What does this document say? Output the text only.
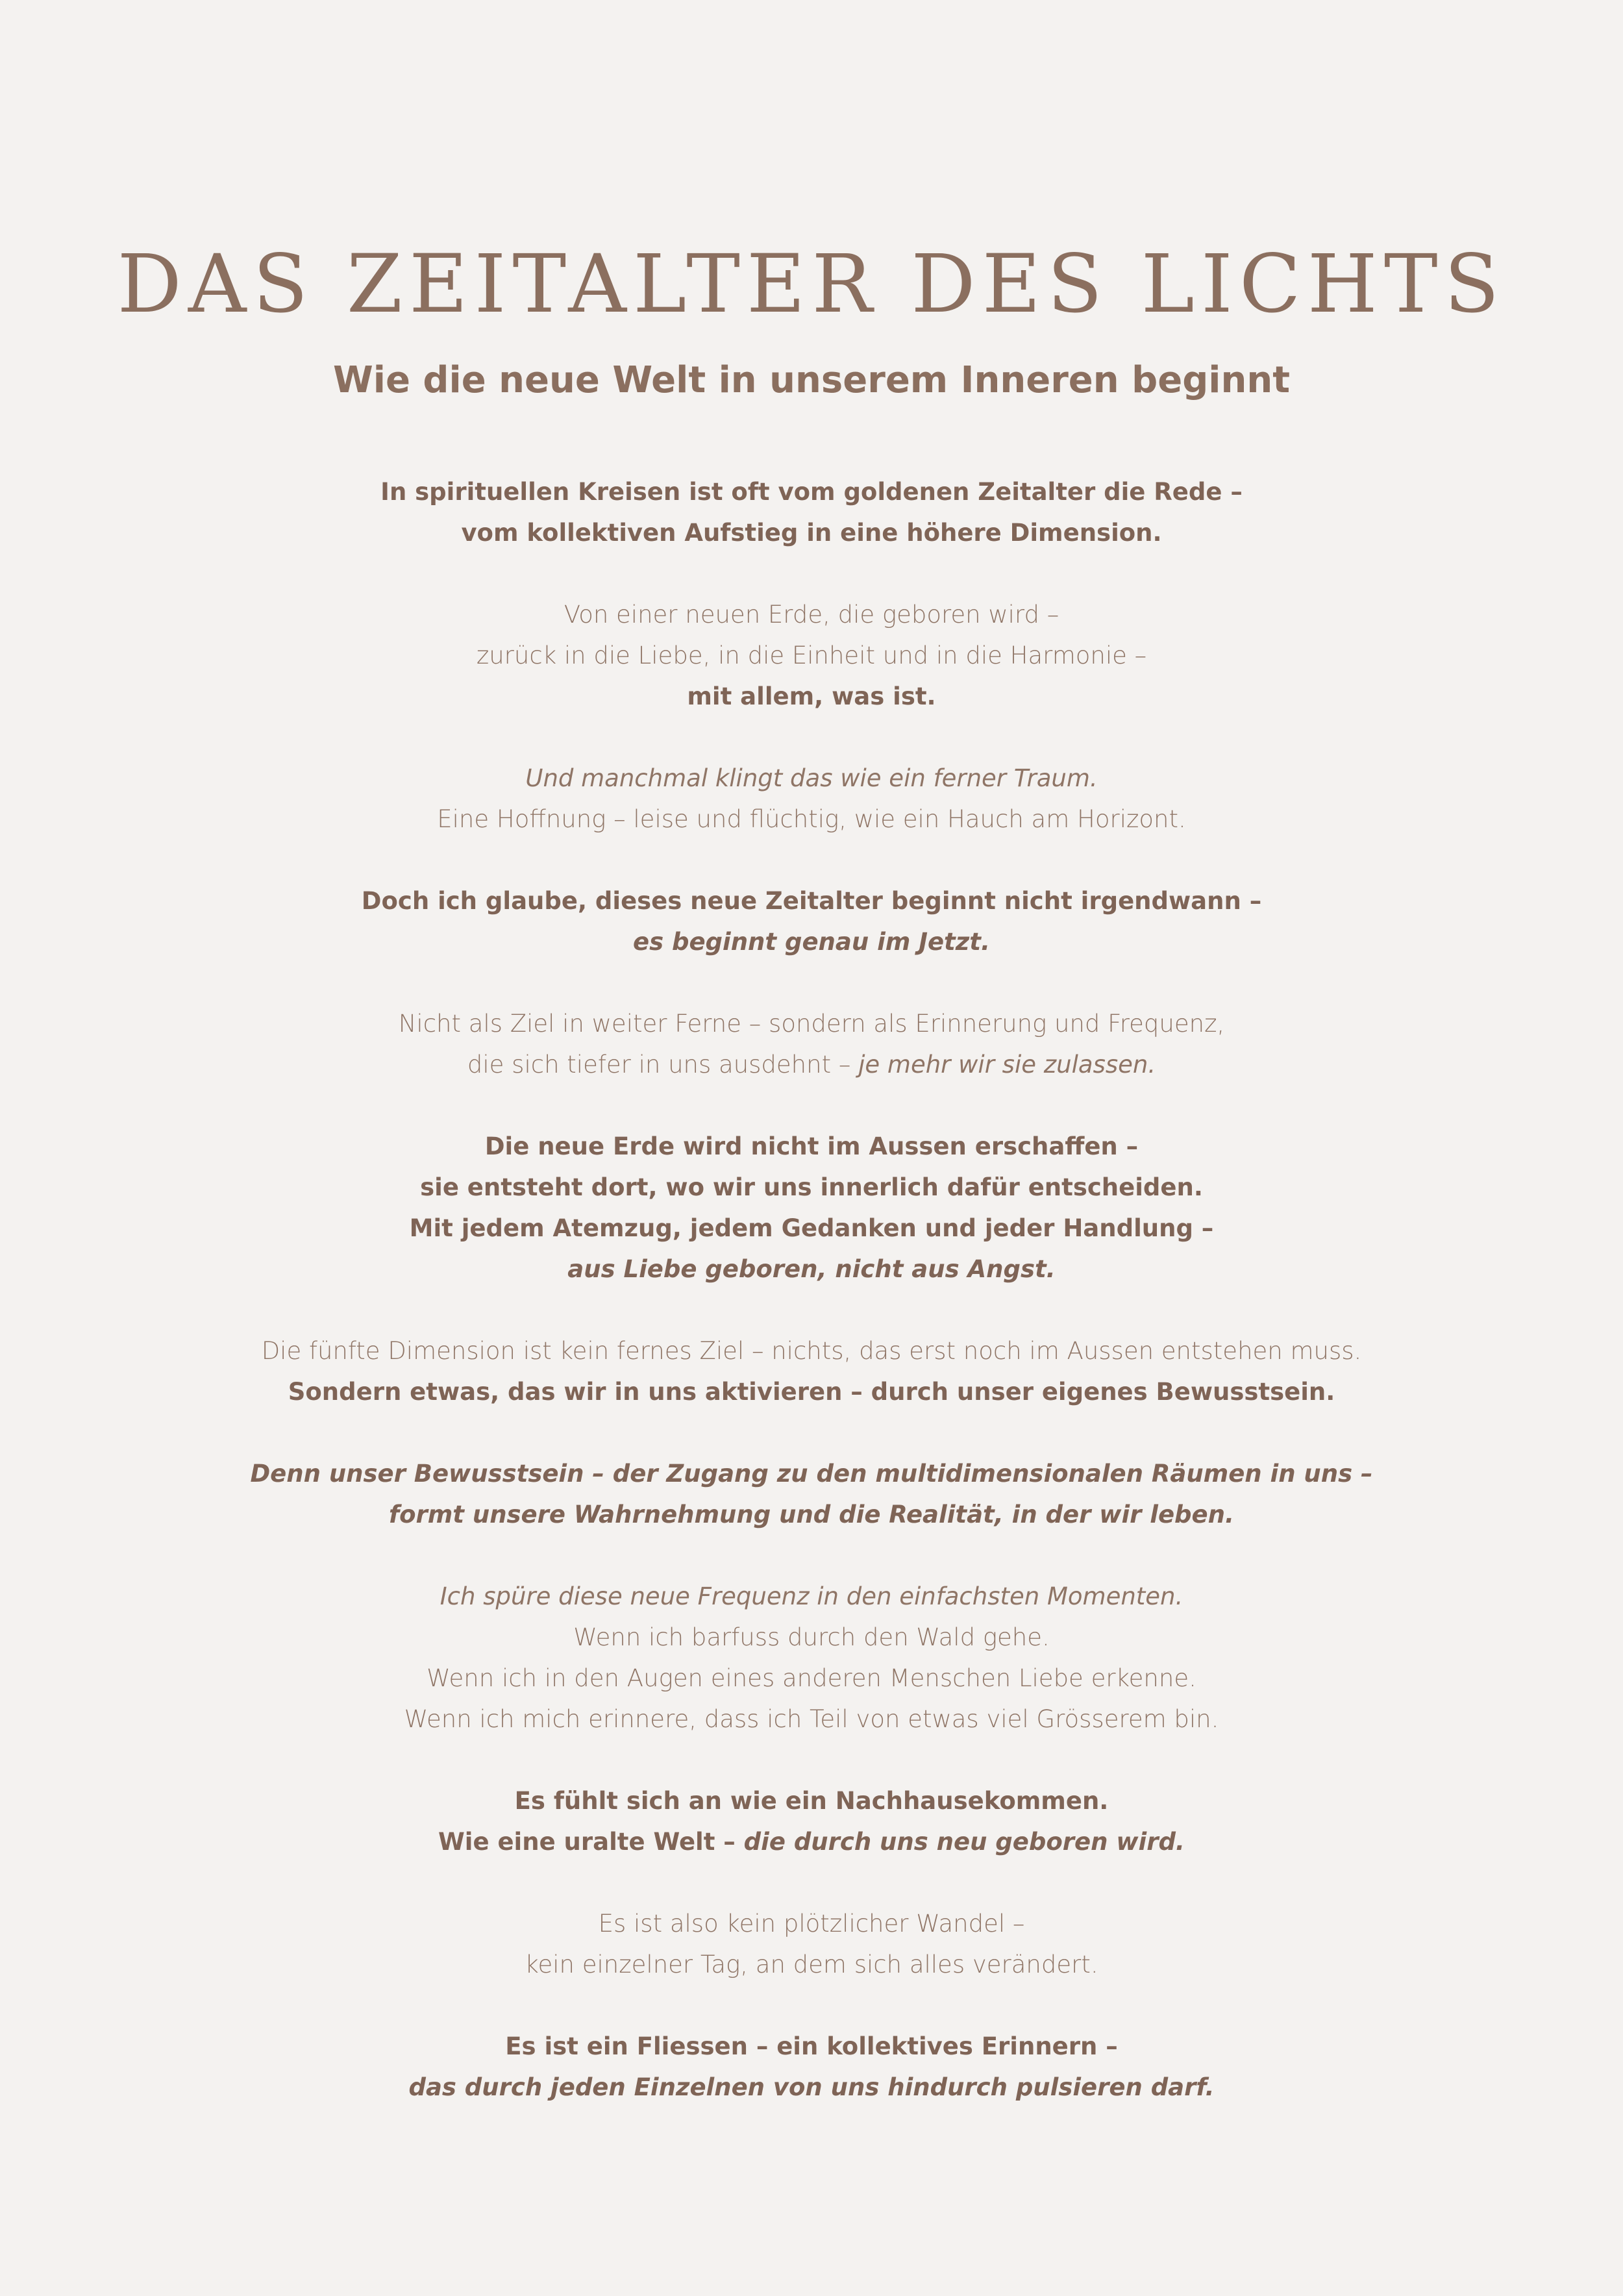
DAS ZEITALTER DES LICHTS
Wie die neue Welt in unserem Inneren beginnt
In spirituellen Kreisen ist oft vom goldenen Zeitalter die Rede –
vom kollektiven Aufstieg in eine höhere Dimension.
Von einer neuen Erde, die geboren wird –
zurück in die Liebe, in die Einheit und in die Harmonie –
mit allem, was ist.
Und manchmal klingt das wie ein ferner Traum.
Eine Hoffnung – leise und flüchtig, wie ein Hauch am Horizont.
Doch ich glaube, dieses neue Zeitalter beginnt nicht irgendwann –
es beginnt genau im Jetzt.
Nicht als Ziel in weiter Ferne – sondern als Erinnerung und Frequenz,
die sich tiefer in uns ausdehnt – je mehr wir sie zulassen.
Die neue Erde wird nicht im Aussen erschaffen –
sie entsteht dort, wo wir uns innerlich dafür entscheiden.
Mit jedem Atemzug, jedem Gedanken und jeder Handlung –
aus Liebe geboren, nicht aus Angst.
Die fünfte Dimension ist kein fernes Ziel – nichts, das erst noch im Aussen entstehen muss.
Sondern etwas, das wir in uns aktivieren – durch unser eigenes Bewusstsein.
Denn unser Bewusstsein – der Zugang zu den multidimensionalen Räumen in uns –
formt unsere Wahrnehmung und die Realität, in der wir leben.
Ich spüre diese neue Frequenz in den einfachsten Momenten.
Wenn ich barfuss durch den Wald gehe.
Wenn ich in den Augen eines anderen Menschen Liebe erkenne.
Wenn ich mich erinnere, dass ich Teil von etwas viel Grösserem bin.
Es fühlt sich an wie ein Nachhausekommen.
Wie eine uralte Welt – die durch uns neu geboren wird.
Es ist also kein plötzlicher Wandel –
kein einzelner Tag, an dem sich alles verändert.
Es ist ein Fliessen – ein kollektives Erinnern –
das durch jeden Einzelnen von uns hindurch pulsieren darf.
